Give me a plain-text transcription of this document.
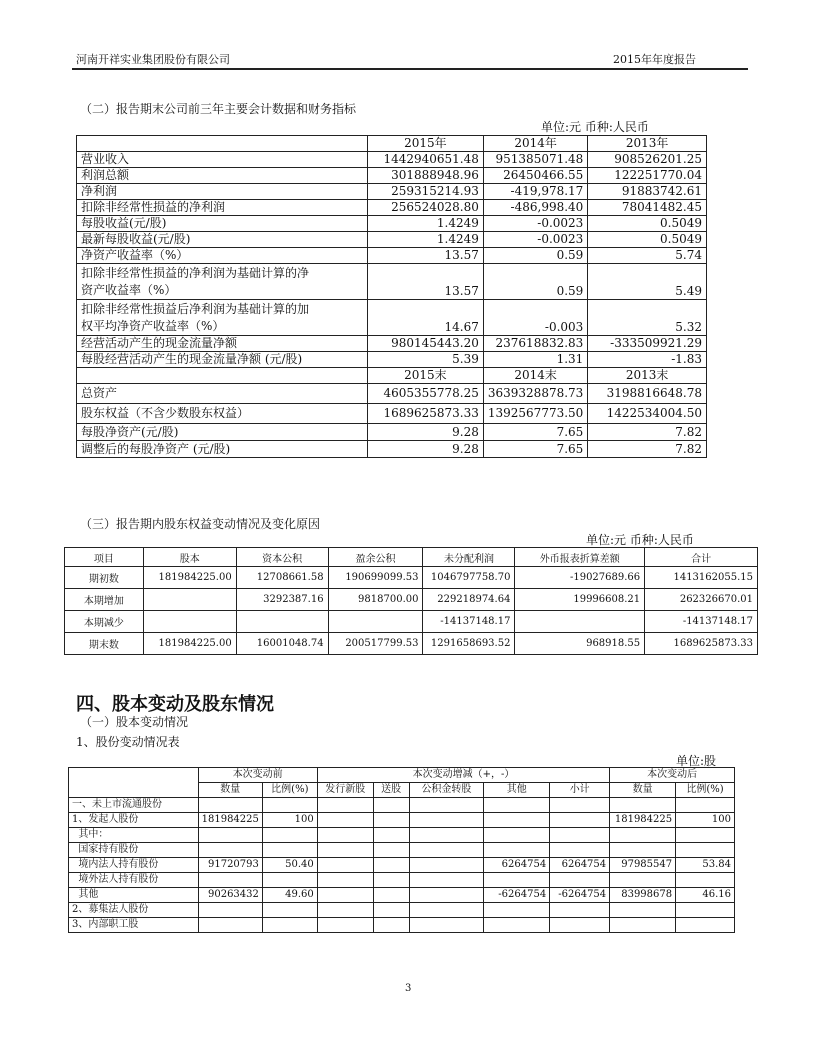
河南开祥实业集团股份有限公司	2015年年度报告
（二）报告期末公司前三年主要会计数据和财务指标
单位:元 币种:人民币
	2015年	2014年	2013年
营业收入	1442940651.48	951385071.48	908526201.25
利润总额	301888948.96	26450466.55	122251770.04
净利润	259315214.93	-419,978.17	91883742.61
扣除非经常性损益的净利润	256524028.80	-486,998.40	78041482.45
每股收益(元/股)	1.4249	-0.0023	0.5049
最新每股收益(元/股)	1.4249	-0.0023	0.5049
净资产收益率（%）	13.57	0.59	5.74

扣除非经常性损益的净利润为基础计算的净
资产收益率（%）	13.57	0.59	5.49

扣除非经常性损益后净利润为基础计算的加
权平均净资产收益率（%）	14.67	-0.003	5.32
经营活动产生的现金流量净额	980145443.20	237618832.83	-333509921.29
每股经营活动产生的现金流量净额 (元/股)	5.39	1.31	-1.83
	2015末	2014末	2013末
总资产	4605355778.25	3639328878.73	3198816648.78
股东权益（不含少数股东权益）	1689625873.33	1392567773.50	1422534004.50
每股净资产(元/股)	9.28	7.65	7.82
调整后的每股净资产 (元/股)	9.28	7.65	7.82
（三）报告期内股东权益变动情况及变化原因
单位:元 币种:人民币
项目	股本	资本公积	盈余公积	未分配利润	外币报表折算差额	合计
期初数	181984225.00	12708661.58	190699099.53	1046797758.70	-19027689.66	1413162055.15
本期增加		3292387.16	9818700.00	229218974.64	19996608.21	262326670.01
本期减少				-14137148.17		-14137148.17
期末数	181984225.00	16001048.74	200517799.53	1291658693.52	968918.55	1689625873.33
四、股本变动及股东情况
（一）股本变动情况
1、股份变动情况表
单位:股
	本次变动前		本次变动增减（+，-）					本次变动后	
	数量	比例(%)	发行新股	送股	公积金转股	其他	小计	数量	比例(%)
一、未上市流通股份									
1、发起人股份	181984225	100						181984225	100
其中：									
国家持有股份									
境内法人持有股份	91720793	50.40				6264754	6264754	97985547	53.84
境外法人持有股份									
其他	90263432	49.60				-6264754	-6264754	83998678	46.16
2、募集法人股份									
3、内部职工股									
3
